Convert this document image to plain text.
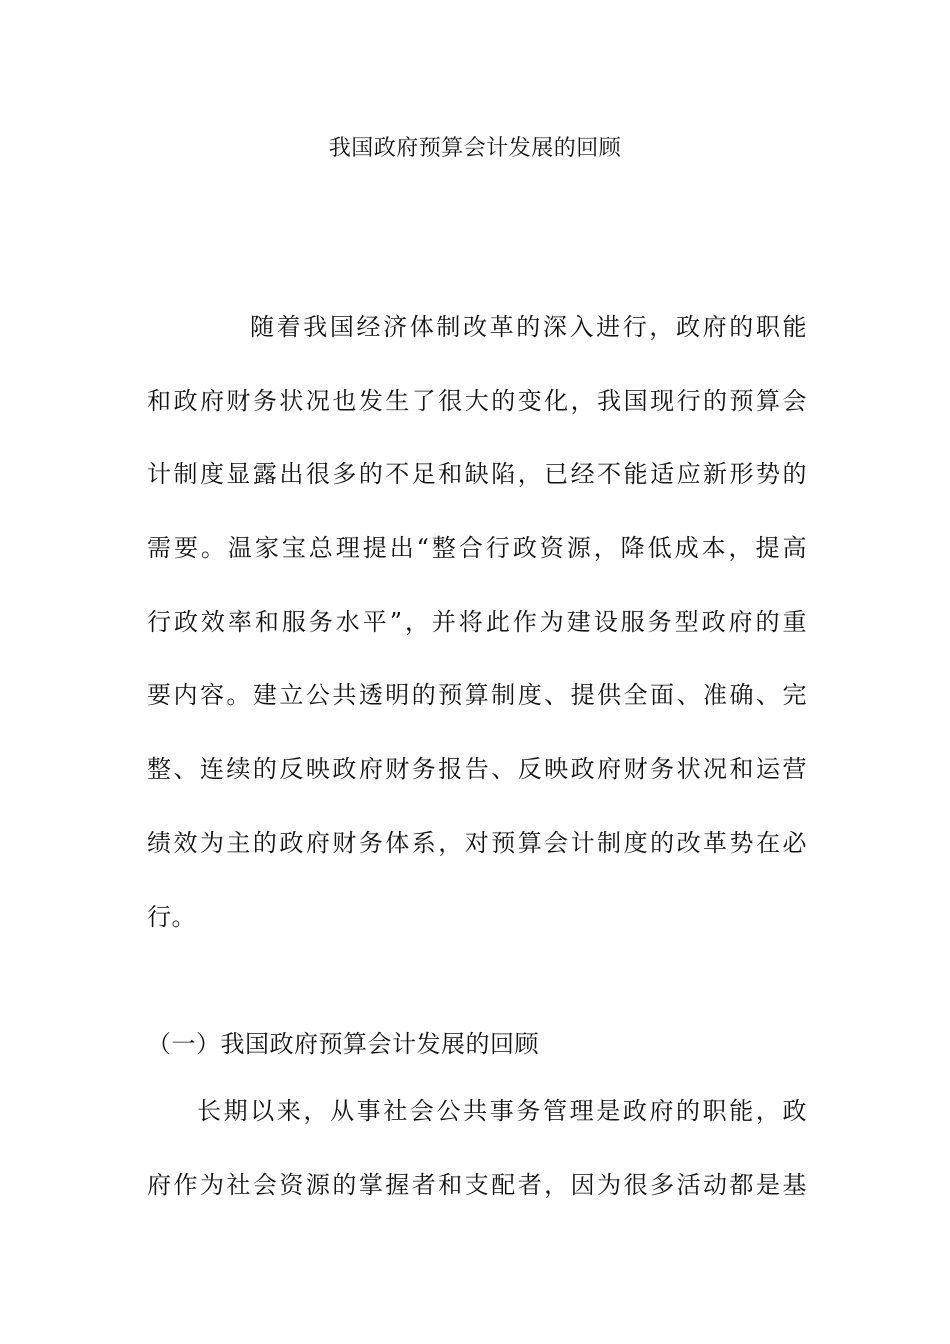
我国政府预算会计发展的回顾
随着我国经济体制改革的深入进行，政府的职能
和政府财务状况也发生了很大的变化，我国现行的预算会
计制度显露出很多的不足和缺陷，已经不能适应新形势的
需要。温家宝总理提出“整合行政资源，降低成本，提高
行政效率和服务水平”，并将此作为建设服务型政府的重
要内容。建立公共透明的预算制度、提供全面、准确、完
整、连续的反映政府财务报告、反映政府财务状况和运营
绩效为主的政府财务体系，对预算会计制度的改革势在必
行。
（一）我国政府预算会计发展的回顾
长期以来，从事社会公共事务管理是政府的职能，政
府作为社会资源的掌握者和支配者，因为很多活动都是基
